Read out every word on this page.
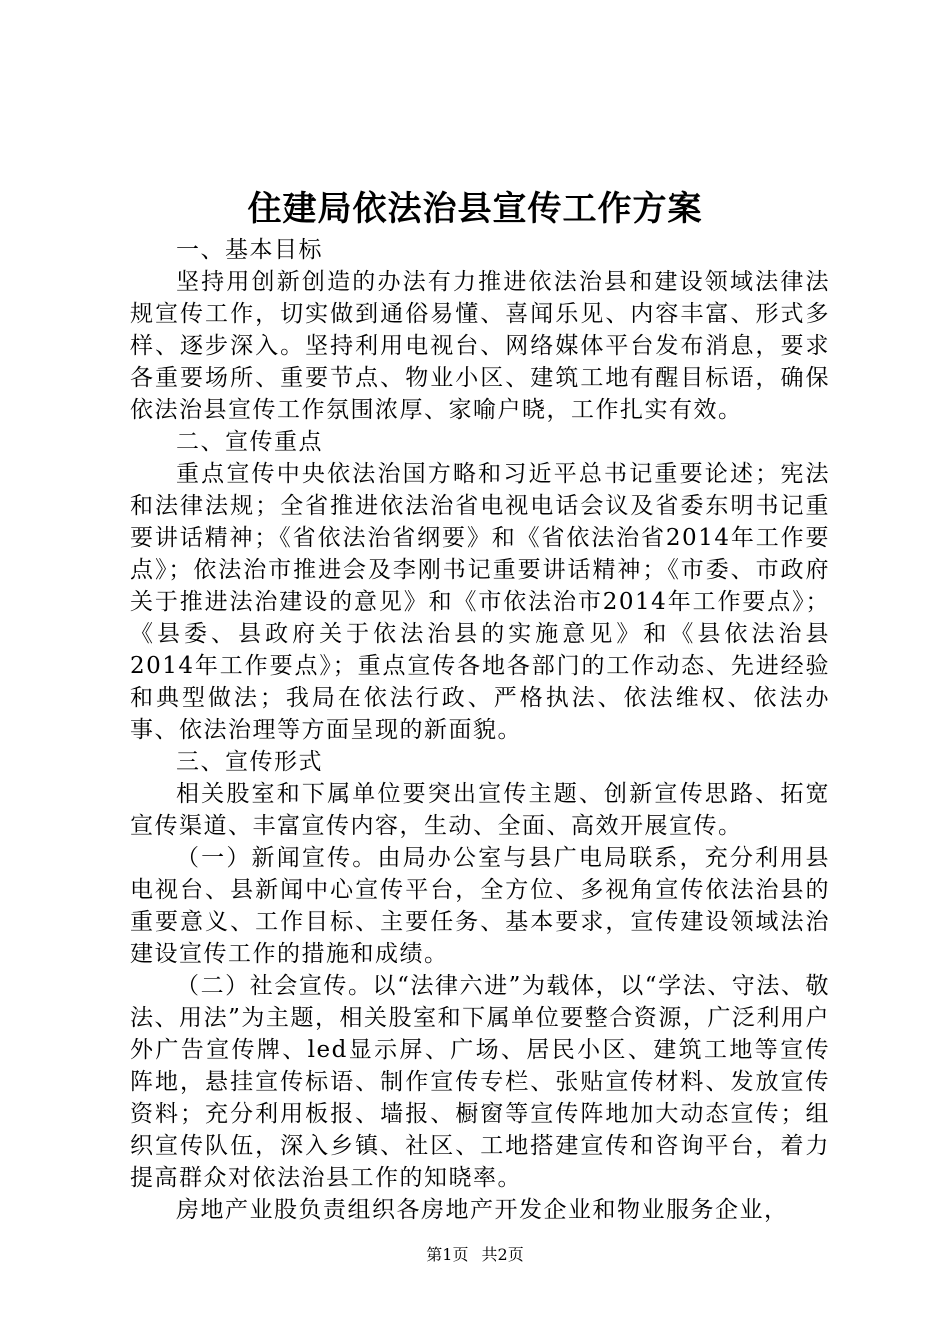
住建局依法治县宣传工作方案

一、基本目标

坚持用创新创造的办法有力推进依法治县和建设领域法律法规宣传工作，切实做到通俗易懂、喜闻乐见、内容丰富、形式多样、逐步深入。坚持利用电视台、网络媒体平台发布消息，要求各重要场所、重要节点、物业小区、建筑工地有醒目标语，确保依法治县宣传工作氛围浓厚、家喻户晓，工作扎实有效。

二、宣传重点

重点宣传中央依法治国方略和习近平总书记重要论述；宪法和法律法规；全省推进依法治省电视电话会议及省委东明书记重要讲话精神；《省依法治省纲要》和《省依法治省2014年工作要点》；依法治市推进会及李刚书记重要讲话精神；《市委、市政府关于推进法治建设的意见》和《市依法治市2014年工作要点》；《县委、县政府关于依法治县的实施意见》和《县依法治县2014年工作要点》；重点宣传各地各部门的工作动态、先进经验和典型做法；我局在依法行政、严格执法、依法维权、依法办事、依法治理等方面呈现的新面貌。

三、宣传形式

相关股室和下属单位要突出宣传主题、创新宣传思路、拓宽宣传渠道、丰富宣传内容，生动、全面、高效开展宣传。

（一）新闻宣传。由局办公室与县广电局联系，充分利用县电视台、县新闻中心宣传平台，全方位、多视角宣传依法治县的重要意义、工作目标、主要任务、基本要求，宣传建设领域法治建设宣传工作的措施和成绩。

（二）社会宣传。以“法律六进”为载体，以“学法、守法、敬法、用法”为主题，相关股室和下属单位要整合资源，广泛利用户外广告宣传牌、led显示屏、广场、居民小区、建筑工地等宣传阵地，悬挂宣传标语、制作宣传专栏、张贴宣传材料、发放宣传资料；充分利用板报、墙报、橱窗等宣传阵地加大动态宣传；组织宣传队伍，深入乡镇、社区、工地搭建宣传和咨询平台，着力提高群众对依法治县工作的知晓率。

房地产业股负责组织各房地产开发企业和物业服务企业，

第1页 共2页
